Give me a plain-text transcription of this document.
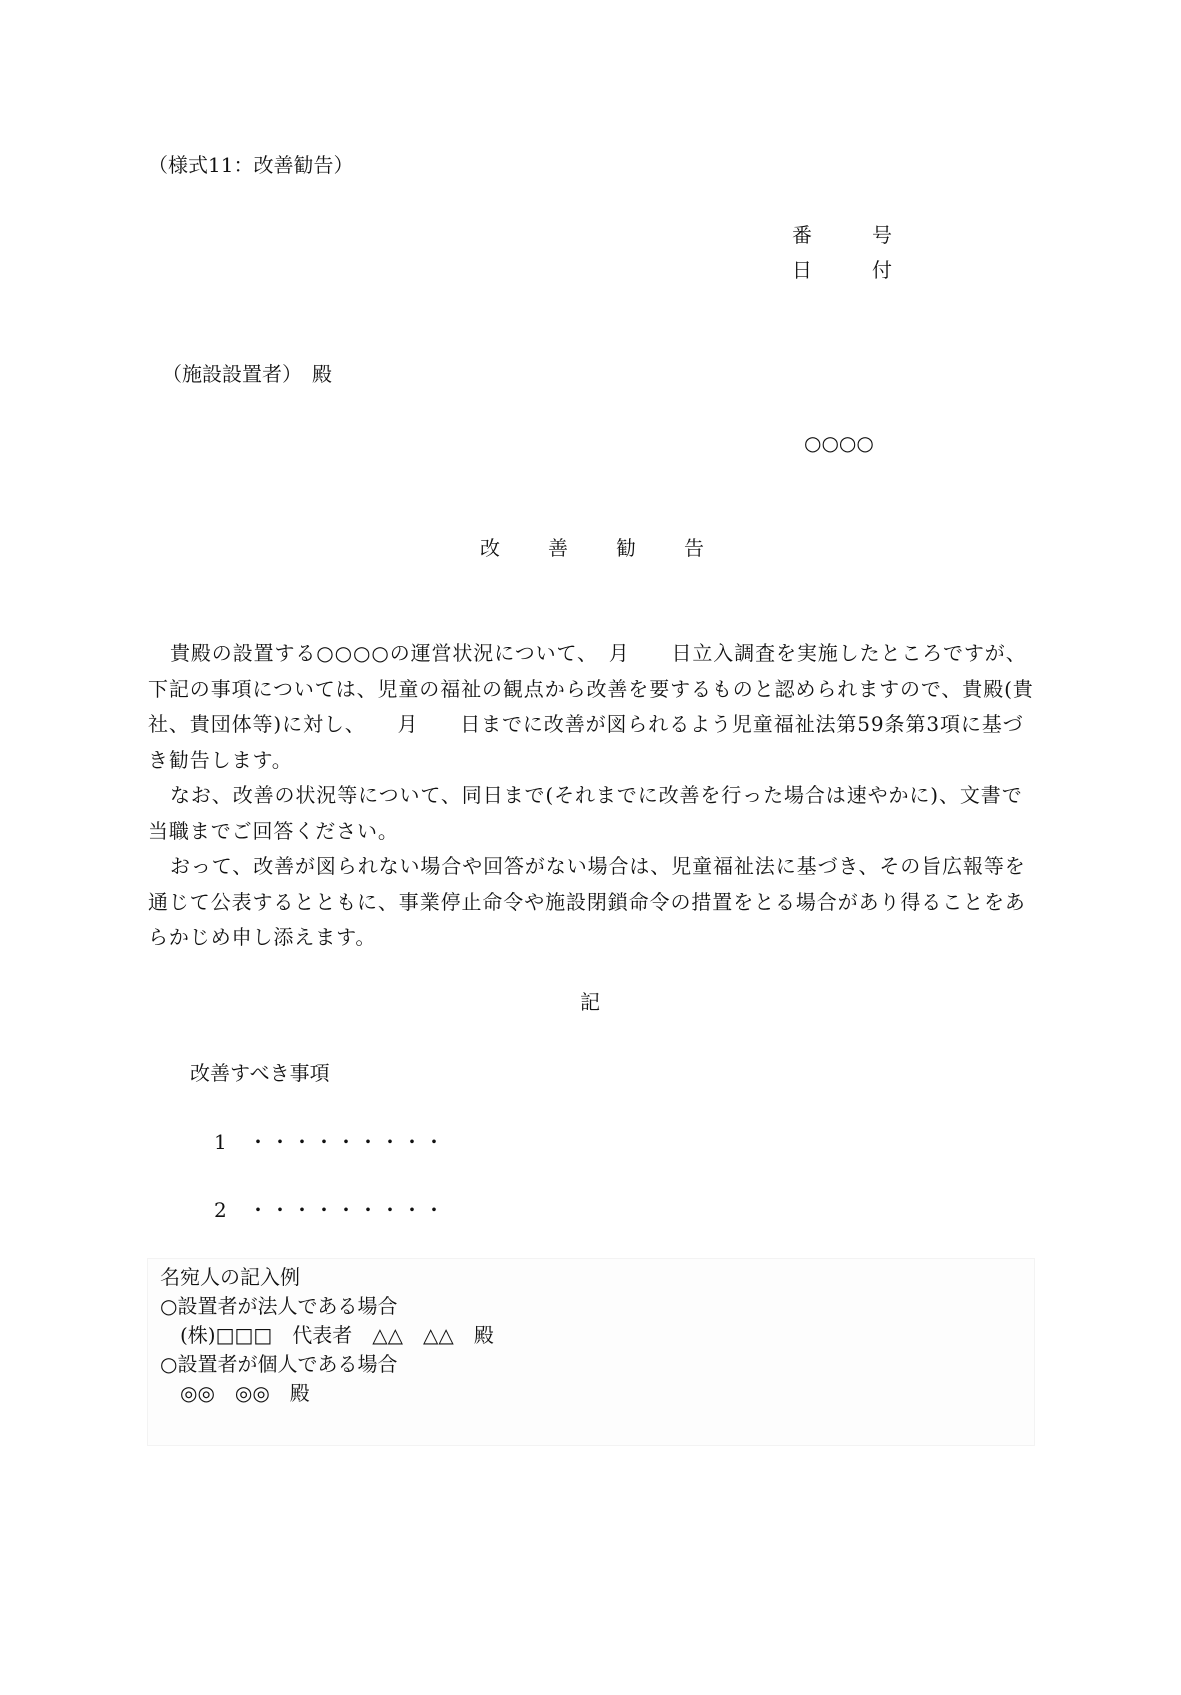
（様式11：改善勧告）
番　　　号
日　　　付
（施設設置者）　殿
○○○○
改善勧告

貴殿の設置する○○○○の運営状況について、　月　　日立入調査を実施したところですが、下記の事項については、児童の福祉の観点から改善を要するものと認められますので、貴殿(貴社、貴団体等)に対し、　　月　　日までに改善が図られるよう児童福祉法第59条第3項に基づき勧告します。

なお、改善の状況等について、同日まで(それまでに改善を行った場合は速やかに)、文書で当職までご回答ください。

おって、改善が図られない場合や回答がない場合は、児童福祉法に基づき、その旨広報等を通じて公表するとともに、事業停止命令や施設閉鎖命令の措置をとる場合があり得ることをあらかじめ申し添えます。

記
改善すべき事項
1 ・・・・・・・・・
2 ・・・・・・・・・
名宛人の記入例
○設置者が法人である場合
　(株)□□□　代表者　△△　△△　殿
○設置者が個人である場合
　◎◎　◎◎　殿
